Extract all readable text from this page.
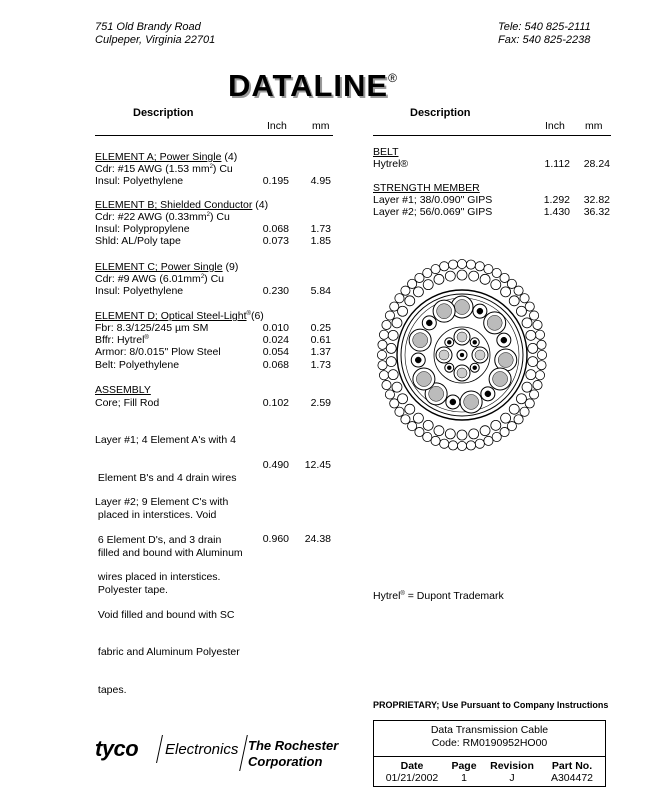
751 Old Brandy Road
Culpeper, Virginia 22701
Tele: 540 825-2111
Fax: 540 825-2238
DATALINE®
Description
Inch mm
Description
Inch mm
ELEMENT A; Power Single (4)
Cdr: #15 AWG (1.53 $mm^2$) Cu
Insul: Polyethylene	0.195	4.95
ELEMENT B; Shielded Conductor (4)
Cdr: #22 AWG $(0.33mm^2)$ Cu
Insul: Polypropylene	0.068	1.73
Shld: AL/Poly tape	0.073	1.85
ELEMENT C; Power Single (9)
Cdr: #9 AWG $(6.01mm^2)$ Cu
Insul: Polyethylene	0.230	5.84
ELEMENT D; Optical Steel-Light®(6)
Fbr: 8.3/125/245 µm SM	0.010	0.25
Bffr: Hytrel®	0.024	0.61
Armor: 8/0.015" Plow Steel	0.054	1.37
Belt: Polyethylene	0.068	1.73
ASSEMBLY
Core; Fill Rod	0.102	2.59

Layer #1; 4 Element A's with 4

Element B's and 4 drain wires

placed in interstices. Void

filled and bound with Aluminum

Polyester tape.

0.490	12.45

Layer #2; 9 Element C's with

6 Element D's, and 3 drain

wires placed in interstices.

Void filled and bound with SC

fabric and Aluminum Polyester

tapes.

0.960	24.38
BELT
Hytrel®	1.112	28.24
STRENGTH MEMBER
Layer #1; 38/0.090" GIPS	1.292	32.82
Layer #2; 56/0.069" GIPS	1.430	36.32
Hytrel® = Dupont Trademark
PROPRIETARY; Use Pursuant to Company Instructions
tyco Electronics The Rochester
Corporation
Data Transmission Cable
Code: RM0190952HO00
Date	Page	Revision	Part No.
01/21/2002	1	J	A304472
